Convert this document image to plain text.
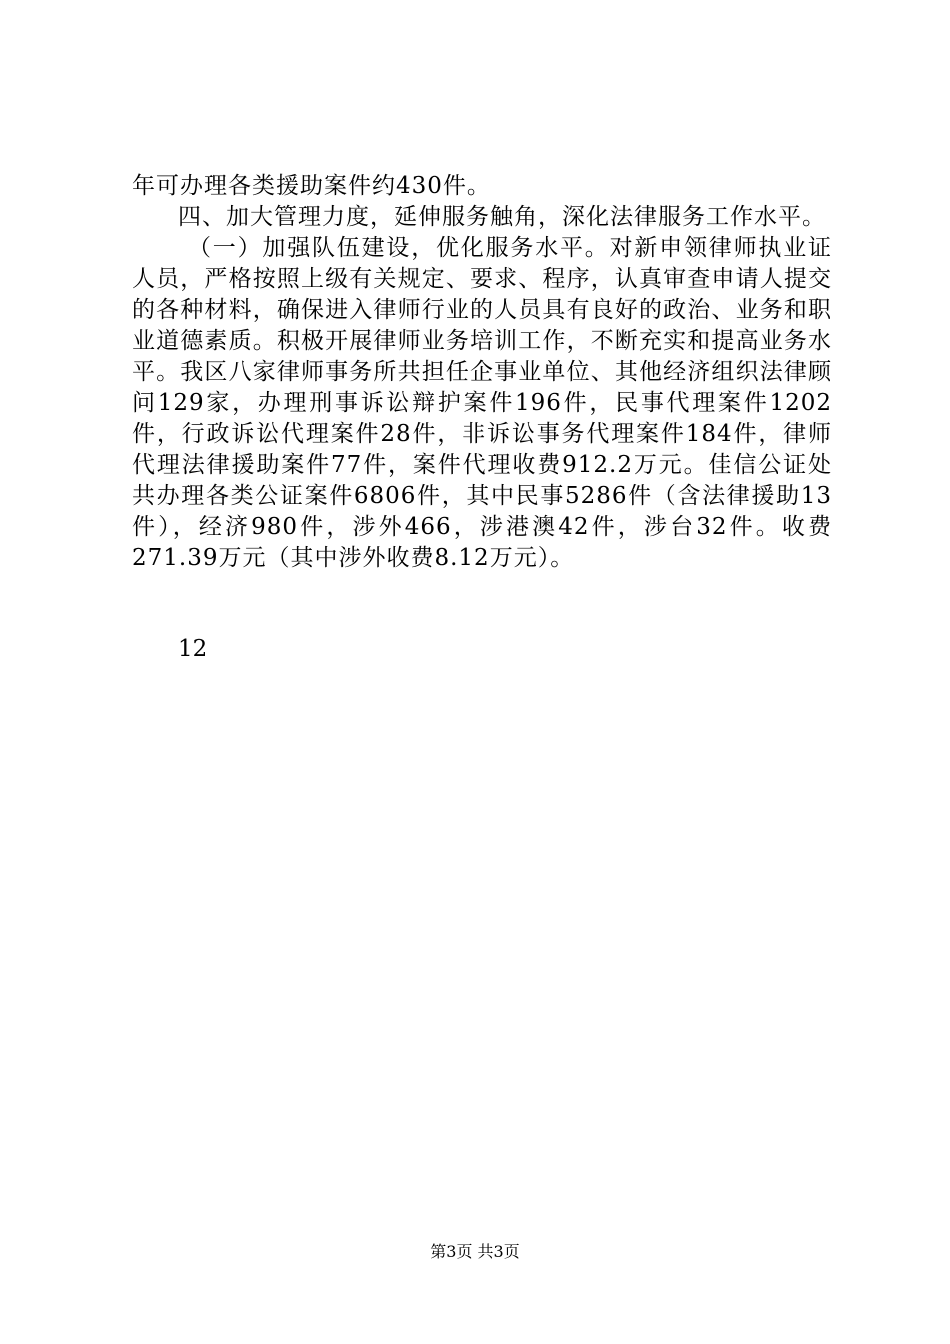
年可办理各类援助案件约430件。

四、加大管理力度，延伸服务触角，深化法律服务工作水平。

（一）加强队伍建设，优化服务水平。对新申领律师执业证人员，严格按照上级有关规定、要求、程序，认真审查申请人提交的各种材料，确保进入律师行业的人员具有良好的政治、业务和职业道德素质。积极开展律师业务培训工作，不断充实和提高业务水平。我区八家律师事务所共担任企事业单位、其他经济组织法律顾问129家，办理刑事诉讼辩护案件196件，民事代理案件1202件，行政诉讼代理案件28件，非诉讼事务代理案件184件，律师代理法律援助案件77件，案件代理收费912.2万元。佳信公证处共办理各类公证案件6806件，其中民事5286件（含法律援助13件），经济980件，涉外466，涉港澳42件，涉台32件。收费271.39万元（其中涉外收费8.12万元）。

12
第3页 共3页
